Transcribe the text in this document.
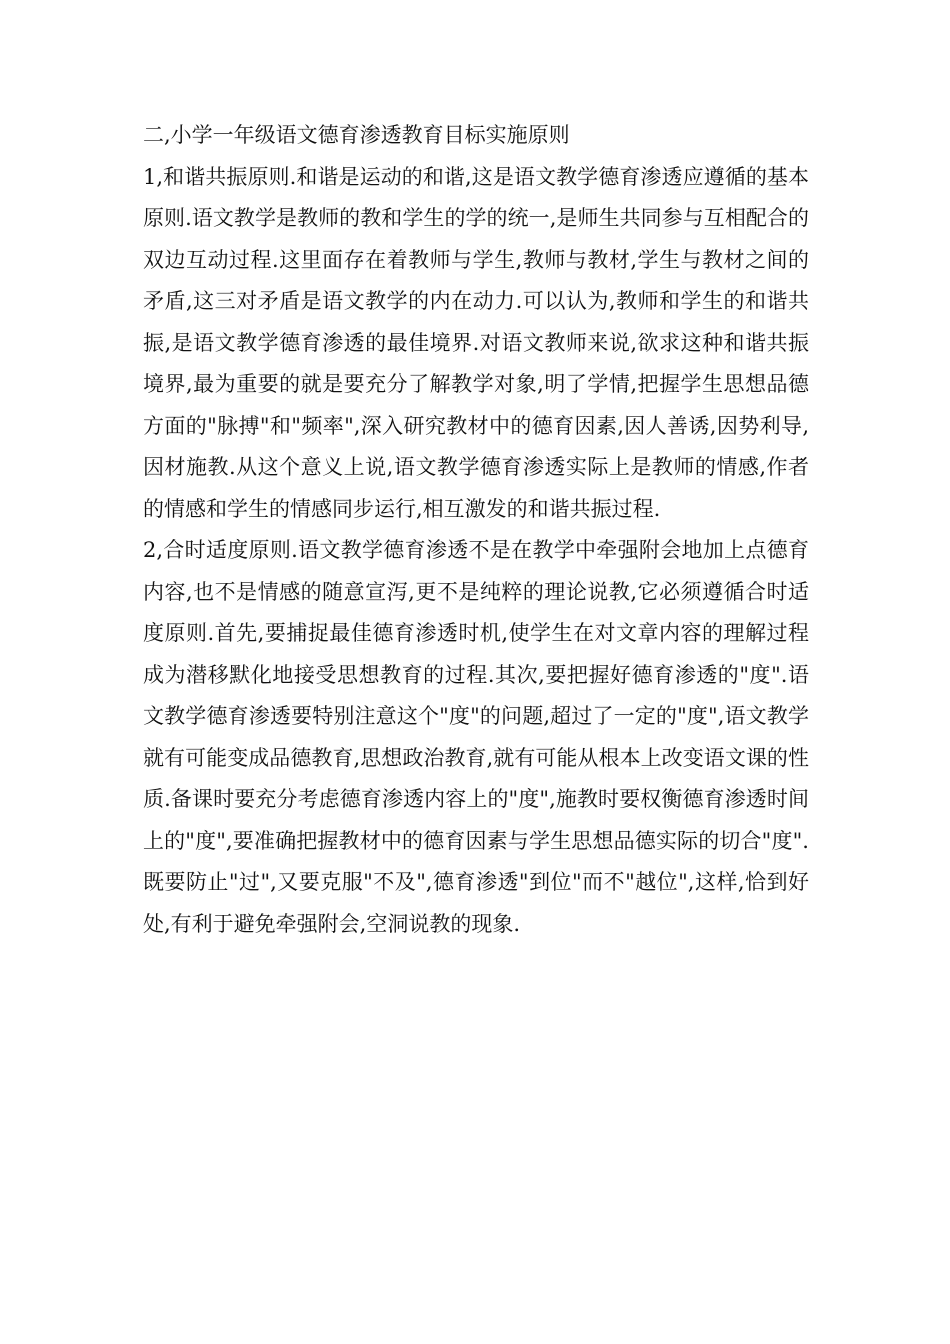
二,小学一年级语文德育渗透教育目标实施原则

1,和谐共振原则.和谐是运动的和谐,这是语文教学德育渗透应遵循的基本原则.语文教学是教师的教和学生的学的统一,是师生共同参与互相配合的双边互动过程.这里面存在着教师与学生,教师与教材,学生与教材之间的矛盾,这三对矛盾是语文教学的内在动力.可以认为,教师和学生的和谐共振,是语文教学德育渗透的最佳境界.对语文教师来说,欲求这种和谐共振境界,最为重要的就是要充分了解教学对象,明了学情,把握学生思想品德方面的"脉搏"和"频率",深入研究教材中的德育因素,因人善诱,因势利导,因材施教.从这个意义上说,语文教学德育渗透实际上是教师的情感,作者的情感和学生的情感同步运行,相互激发的和谐共振过程.

2,合时适度原则.语文教学德育渗透不是在教学中牵强附会地加上点德育内容,也不是情感的随意宣泻,更不是纯粹的理论说教,它必须遵循合时适度原则.首先,要捕捉最佳德育渗透时机,使学生在对文章内容的理解过程成为潜移默化地接受思想教育的过程.其次,要把握好德育渗透的"度".语文教学德育渗透要特别注意这个"度"的问题,超过了一定的"度",语文教学就有可能变成品德教育,思想政治教育,就有可能从根本上改变语文课的性质.备课时要充分考虑德育渗透内容上的"度",施教时要权衡德育渗透时间上的"度",要准确把握教材中的德育因素与学生思想品德实际的切合"度".既要防止"过",又要克服"不及",德育渗透"到位"而不"越位",这样,恰到好处,有利于避免牵强附会,空洞说教的现象.
